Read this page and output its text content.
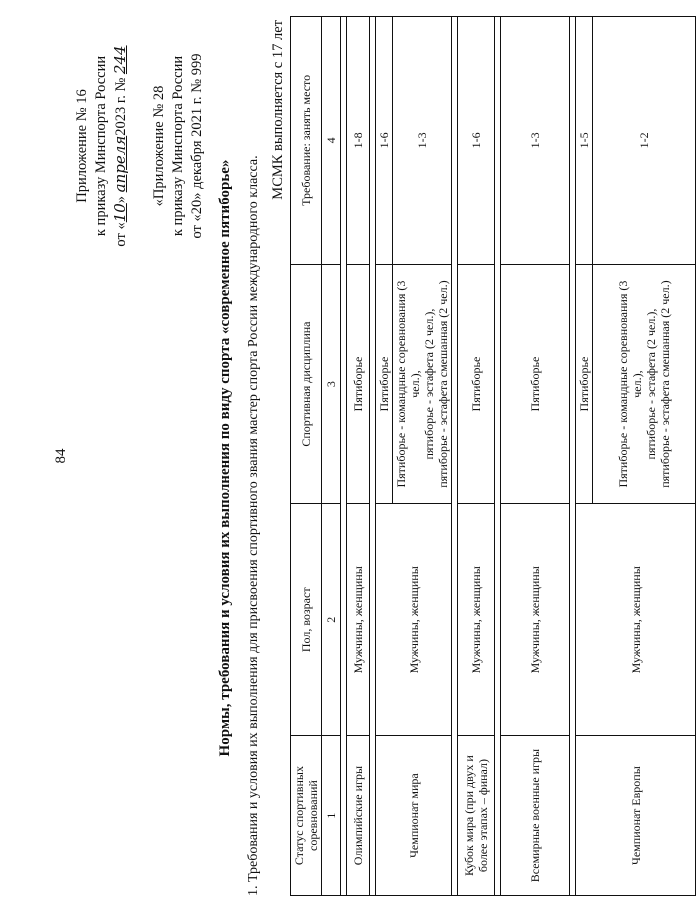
84
Приложение № 16 к приказу Минспорта России от «10» апреля2023 г. № 244
«Приложение № 28 к приказу Минспорта России от «20» декабря 2021 г. № 999
Нормы, требования и условия их выполнения по виду спорта «современное пятиборье» 1. Требования и условия их выполнения для присвоения спортивного звания мастер спорта России международного класса.
МСМК выполняется с 17 лет
Статус спортивных соревнований	Пол, возраст	Спортивная дисциплина	Требование: занять место
1	2	3	4

Олимпийские игры	Мужчины, женщины	Пятиборье	1-8

Чемпионат мира	Мужчины, женщины	Пятиборье	1-6

		Пятиборье - командные соревнования (3 чел.), пятиборье - эстафета (2 чел.), пятиборье - эстафета смешанная (2 чел.)	1-3

Кубок мира (при двух и более этапах – финал)	Мужчины, женщины	Пятиборье	1-6

Всемирные военные игры	Мужчины, женщины	Пятиборье	1-3

Чемпионат Европы	Мужчины, женщины	Пятиборье	1-5

		Пятиборье - командные соревнования (3 чел.), пятиборье - эстафета (2 чел.), пятиборье - эстафета смешанная (2 чел.)	1-2
